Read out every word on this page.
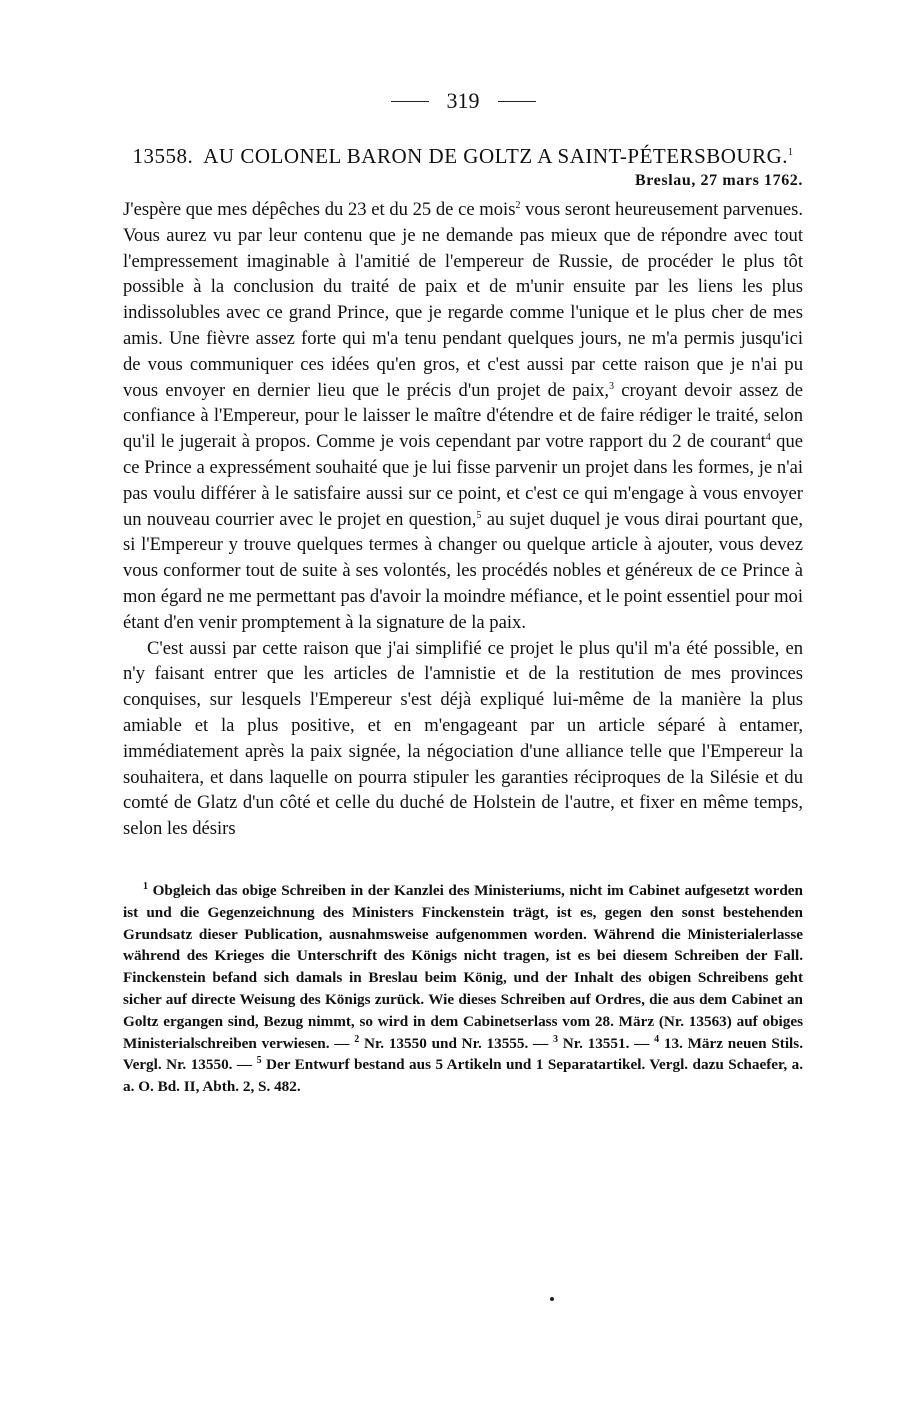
319
13558. AU COLONEL BARON DE GOLTZ A SAINT-PÉTERSBOURG.$^1$
Breslau, 27 mars 1762.

J'espère que mes dépêches du 23 et du 25 de ce mois$^2$ vous seront heureusement parvenues. Vous aurez vu par leur contenu que je ne demande pas mieux que de répondre avec tout l'empressement imaginable à l'amitié de l'empereur de Russie, de procéder le plus tôt possible à la conclusion du traité de paix et de m'unir ensuite par les liens les plus indissolubles avec ce grand Prince, que je regarde comme l'unique et le plus cher de mes amis. Une fièvre assez forte qui m'a tenu pendant quelques jours, ne m'a permis jusqu'ici de vous communiquer ces idées qu'en gros, et c'est aussi par cette raison que je n'ai pu vous envoyer en dernier lieu que le précis d'un projet de paix,$^3$ croyant devoir assez de confiance à l'Empereur, pour le laisser le maître d'étendre et de faire rédiger le traité, selon qu'il le jugerait à propos. Comme je vois cependant par votre rapport du 2 de courant$^4$ que ce Prince a expressément souhaité que je lui fisse parvenir un projet dans les formes, je n'ai pas voulu différer à le satisfaire aussi sur ce point, et c'est ce qui m'engage à vous envoyer un nouveau courrier avec le projet en question,$^5$ au sujet duquel je vous dirai pourtant que, si l'Empereur y trouve quelques termes à changer ou quelque article à ajouter, vous devez vous conformer tout de suite à ses volontés, les procédés nobles et généreux de ce Prince à mon égard ne me permettant pas d'avoir la moindre méfiance, et le point essentiel pour moi étant d'en venir promptement à la signature de la paix.

C'est aussi par cette raison que j'ai simplifié ce projet le plus qu'il m'a été possible, en n'y faisant entrer que les articles de l'amnistie et de la restitution de mes provinces conquises, sur lesquels l'Empereur s'est déjà expliqué lui-même de la manière la plus amiable et la plus positive, et en m'engageant par un article séparé à entamer, immédiatement après la paix signée, la négociation d'une alliance telle que l'Empereur la souhaitera, et dans laquelle on pourra stipuler les garanties réciproques de la Silésie et du comté de Glatz d'un côté et celle du duché de Holstein de l'autre, et fixer en même temps, selon les désirs

$^1$ Obgleich das obige Schreiben in der Kanzlei des Ministeriums, nicht im Cabinet aufgesetzt worden ist und die Gegenzeichnung des Ministers Finckenstein trägt, ist es, gegen den sonst bestehenden Grundsatz dieser Publication, ausnahmsweise aufgenommen worden. Während die Ministerialerlasse während des Krieges die Unterschrift des Königs nicht tragen, ist es bei diesem Schreiben der Fall. Finckenstein befand sich damals in Breslau beim König, und der Inhalt des obigen Schreibens geht sicher auf directe Weisung des Königs zurück. Wie dieses Schreiben auf Ordres, die aus dem Cabinet an Goltz ergangen sind, Bezug nimmt, so wird in dem Cabinetserlass vom 28. März (Nr. 13563) auf obiges Ministerialschreiben verwiesen. — $^2$ Nr. 13550 und Nr. 13555. — $^3$ Nr. 13551. — $^4$ 13. März neuen Stils. Vergl. Nr. 13550. — $^5$ Der Entwurf bestand aus 5 Artikeln und 1 Separatartikel. Vergl. dazu Schaefer, a. a. O. Bd. II, Abth. 2, S. 482.
